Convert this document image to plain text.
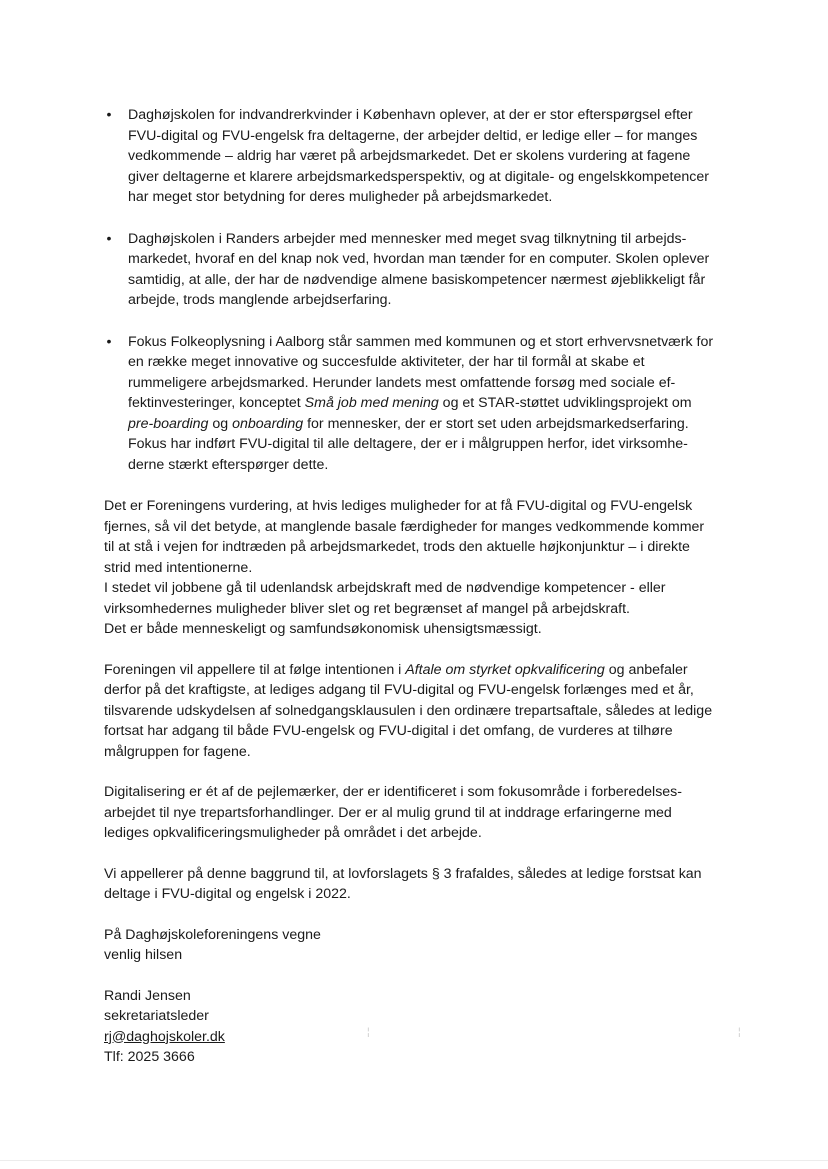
• Daghøjskolen for indvandrerkvinder i København oplever, at der er stor efterspørgsel efter FVU-digital og FVU-engelsk fra deltagerne, der arbejder deltid, er ledige eller – for manges vedkommende – aldrig har været på arbejdsmarkedet. Det er skolens vurdering at fagene giver deltagerne et klarere arbejdsmarkedsperspektiv, og at digitale- og engelskkompetencer har meget stor betydning for deres muligheder på arbejdsmarkedet.
• Daghøjskolen i Randers arbejder med mennesker med meget svag tilknytning til arbejdsmarkedet, hvoraf en del knap nok ved, hvordan man tænder for en computer. Skolen oplever samtidig, at alle, der har de nødvendige almene basiskompetencer nærmest øjeblikkeligt får arbejde, trods manglende arbejdserfaring.
• Fokus Folkeoplysning i Aalborg står sammen med kommunen og et stort erhvervsnetværk for en række meget innovative og succesfulde aktiviteter, der har til formål at skabe et rummeligere arbejdsmarked. Herunder landets mest omfattende forsøg med sociale effektinvesteringer, konceptet Små job med mening og et STAR-støttet udviklingsprojekt om pre-boarding og onboarding for mennesker, der er stort set uden arbejdsmarkedserfaring. Fokus har indført FVU-digital til alle deltagere, der er i målgruppen herfor, idet virksomhederne stærkt efterspørger dette.

Det er Foreningens vurdering, at hvis lediges muligheder for at få FVU-digital og FVU-engelsk fjernes, så vil det betyde, at manglende basale færdigheder for manges vedkommende kommer til at stå i vejen for indtræden på arbejdsmarkedet, trods den aktuelle højkonjunktur – i direkte strid med intentionerne.
I stedet vil jobbene gå til udenlandsk arbejdskraft med de nødvendige kompetencer - eller virksomhedernes muligheder bliver slet og ret begrænset af mangel på arbejdskraft.
Det er både menneskeligt og samfundsøkonomisk uhensigtsmæssigt.

Foreningen vil appellere til at følge intentionen i Aftale om styrket opkvalificering og anbefaler derfor på det kraftigste, at lediges adgang til FVU-digital og FVU-engelsk forlænges med et år, tilsvarende udskydelsen af solnedgangsklausulen i den ordinære trepartsaftale, således at ledige fortsat har adgang til både FVU-engelsk og FVU-digital i det omfang, de vurderes at tilhøre målgruppen for fagene.

Digitalisering er ét af de pejlemærker, der er identificeret i som fokusområde i forberedelsesarbejdet til nye trepartsforhandlinger. Der er al mulig grund til at inddrage erfaringerne med lediges opkvalificeringsmuligheder på området i det arbejde.

Vi appellerer på denne baggrund til, at lovforslagets § 3 frafaldes, således at ledige forstsat kan deltage i FVU-digital og engelsk i 2022.

På Daghøjskoleforeningens vegne
venlig hilsen

Randi Jensen
sekretariatsleder
rj@daghojskoler.dk
Tlf: 2025 3666
¦	¦
